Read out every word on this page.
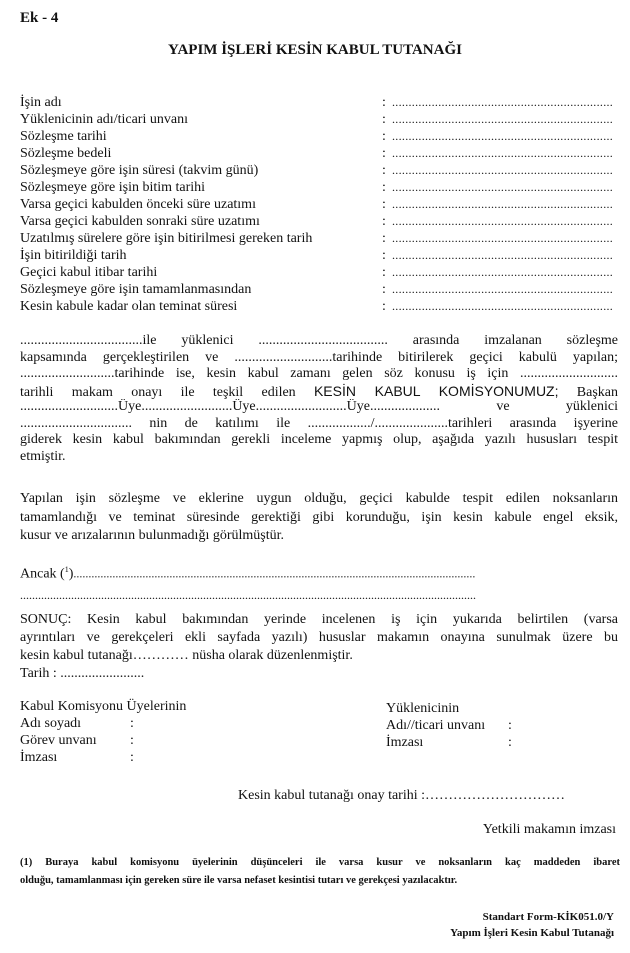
Ek - 4
YAPIM İŞLERİ KESİN KABUL TUTANAĞI
İşin adı	: ...................................................................
Yüklenicinin adı/ticari unvanı	: ...................................................................
Sözleşme tarihi	: ...................................................................
Sözleşme bedeli	: ...................................................................
Sözleşmeye göre işin süresi (takvim günü)	: ...................................................................
Sözleşmeye göre işin bitim tarihi	: ...................................................................
Varsa geçici kabulden önceki süre uzatımı	: ...................................................................
Varsa geçici kabulden sonraki süre uzatımı	: ...................................................................
Uzatılmış sürelere göre işin bitirilmesi gereken tarih	: ...................................................................
İşin bitirildiği tarih	: ...................................................................
Geçici kabul itibar tarihi	: ...................................................................
Sözleşmeye göre işin tamamlanmasından	: ...................................................................
Kesin kabule kadar olan teminat süresi	: ...................................................................
...................................ile yüklenici ..................................... arasında imzalanan sözleşme
kapsamında gerçekleştirilen ve ............................tarihinde bitirilerek geçici kabulü yapılan;
...........................tarihinde ise, kesin kabul zamanı gelen söz konusu iş için ............................
tarihli makam onayı ile teşkil edilen KESİN KABUL KOMİSYONUMUZ; Başkan
............................Üye..........................Üye..........................Üye.................... ve yüklenici
................................ nin de katılımı ile ................../.....................tarihleri arasında işyerine
giderek kesin kabul bakımından gerekli inceleme yapmış olup, aşağıda yazılı hususları tespit
etmiştir.
Yapılan işin sözleşme ve eklerine uygun olduğu, geçici kabulde tespit edilen noksanların
tamamlandığı ve teminat süresinde gerektiği gibi korunduğu, işin kesin kabule engel eksik,
kusur ve arızalarının bulunmadığı görülmüştür.
Ancak ($^1$)......................................................................................................................................
........................................................................................................................................................
SONUÇ: Kesin kabul bakımından yerinde incelenen iş için yukarıda belirtilen (varsa
ayrıntıları ve gerekçeleri ekli sayfada yazılı) hususlar makamın onayına sunulmak üzere bu
kesin kabul tutanağı………… nüsha olarak düzenlenmiştir.
Tarih : ........................
Kabul Komisyonu Üyelerinin
Adı soyadı	:
Görev unvanı :
İmzası	:
Yüklenicinin
Adı//ticari unvanı :
İmzası	:
Kesin kabul tutanağı onay tarihi :…………………………
Yetkili makamın imzası
(1) Buraya kabul komisyonu üyelerinin düşünceleri ile varsa kusur ve noksanların kaç maddeden ibaret
olduğu, tamamlanması için gereken süre ile varsa nefaset kesintisi tutarı ve gerekçesi yazılacaktır.
Standart Form-KİK051.0/Y
Yapım İşleri Kesin Kabul Tutanağı
